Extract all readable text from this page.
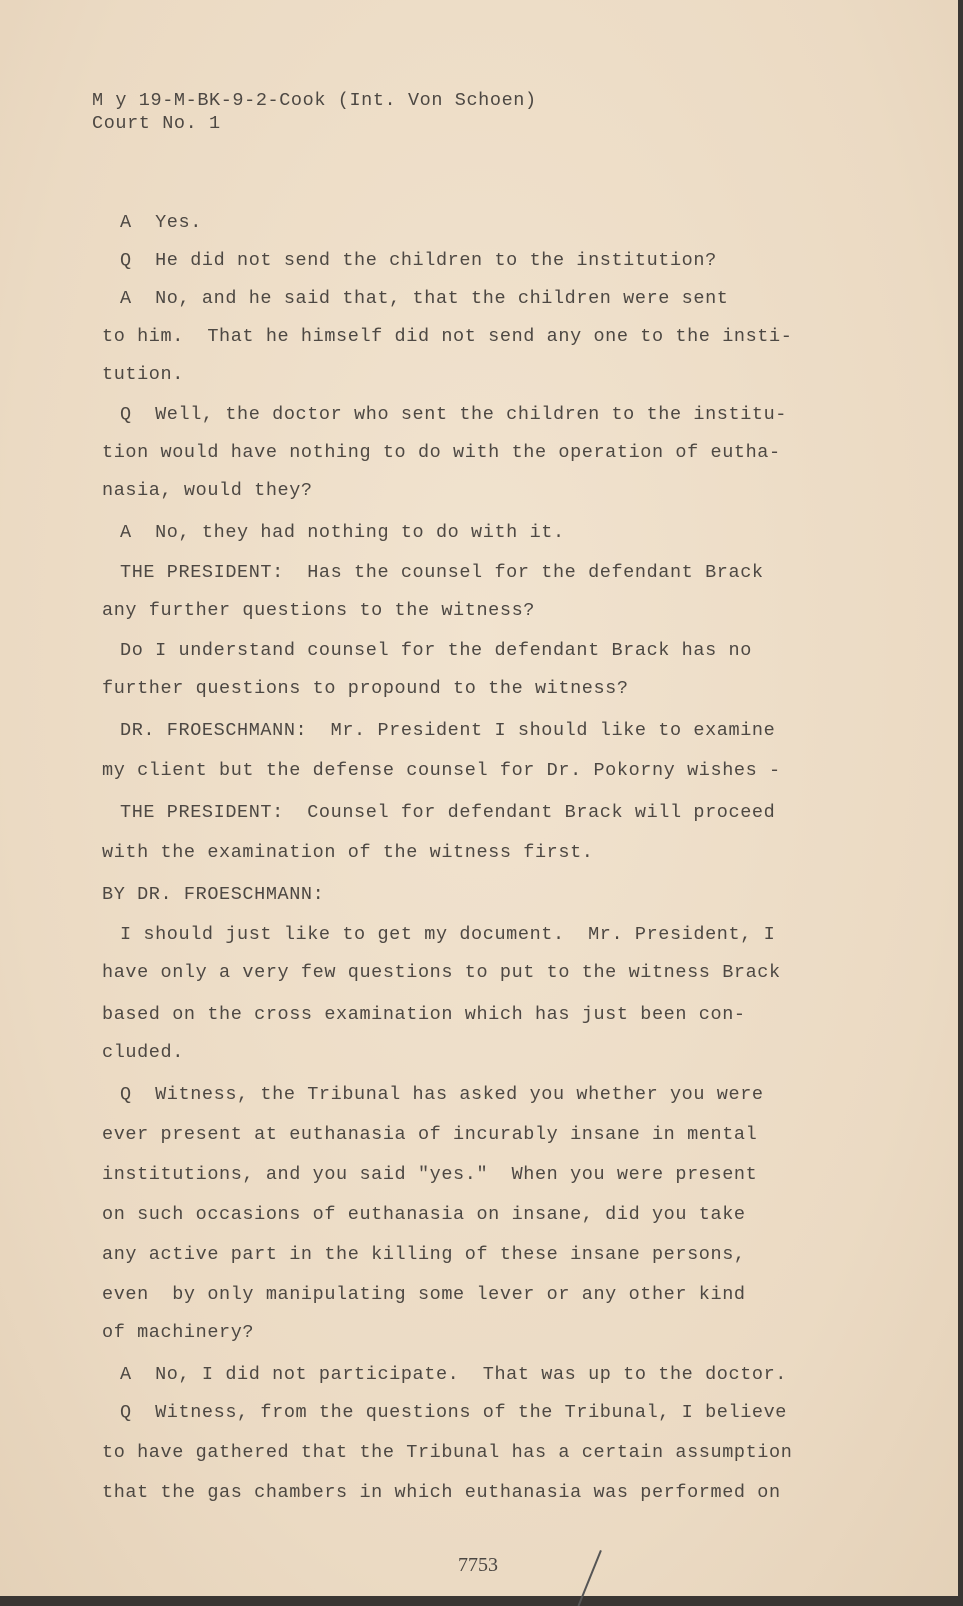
M y 19-M-BK-9-2-Cook (Int. Von Schoen)
Court No. 1
A  Yes.
Q  He did not send the children to the institution?
A  No, and he said that, that the children were sent
to him.  That he himself did not send any one to the insti-
tution.
Q  Well, the doctor who sent the children to the institu-
tion would have nothing to do with the operation of eutha-
nasia, would they?
A  No, they had nothing to do with it.
THE PRESIDENT:  Has the counsel for the defendant Brack
any further questions to the witness?
Do I understand counsel for the defendant Brack has no
further questions to propound to the witness?
DR. FROESCHMANN:  Mr. President I should like to examine
my client but the defense counsel for Dr. Pokorny wishes -
THE PRESIDENT:  Counsel for defendant Brack will proceed
with the examination of the witness first.
BY DR. FROESCHMANN:
I should just like to get my document.  Mr. President, I
have only a very few questions to put to the witness Brack
based on the cross examination which has just been con-
cluded.
Q  Witness, the Tribunal has asked you whether you were
ever present at euthanasia of incurably insane in mental
institutions, and you said "yes."  When you were present
on such occasions of euthanasia on insane, did you take
any active part in the killing of these insane persons,
even  by only manipulating some lever or any other kind
of machinery?
A  No, I did not participate.  That was up to the doctor.
Q  Witness, from the questions of the Tribunal, I believe
to have gathered that the Tribunal has a certain assumption
that the gas chambers in which euthanasia was performed on
7753
